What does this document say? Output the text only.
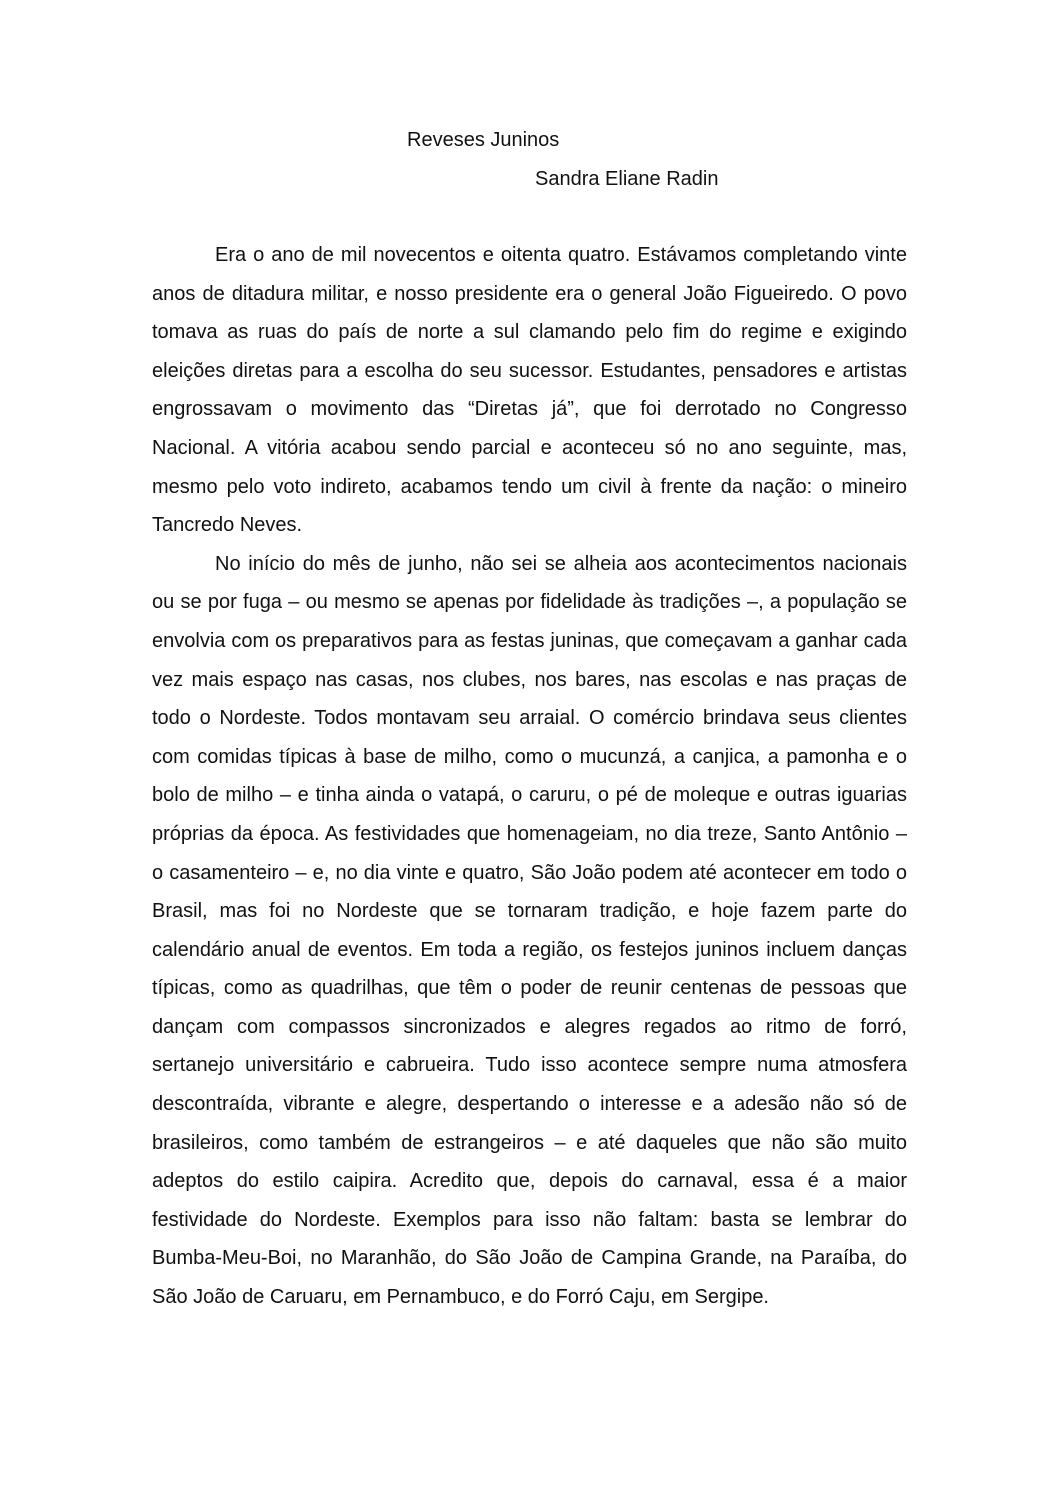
Reveses Juninos
Sandra Eliane Radin

Era o ano de mil novecentos e oitenta quatro. Estávamos completando vinte anos de ditadura militar, e nosso presidente era o general João Figueiredo. O povo tomava as ruas do país de norte a sul clamando pelo fim do regime e exigindo eleições diretas para a escolha do seu sucessor. Estudantes, pensadores e artistas engrossavam o movimento das “Diretas já”, que foi derrotado no Congresso Nacional. A vitória acabou sendo parcial e aconteceu só no ano seguinte, mas, mesmo pelo voto indireto, acabamos tendo um civil à frente da nação: o mineiro Tancredo Neves.

No início do mês de junho, não sei se alheia aos acontecimentos nacionais ou se por fuga – ou mesmo se apenas por fidelidade às tradições –, a população se envolvia com os preparativos para as festas juninas, que começavam a ganhar cada vez mais espaço nas casas, nos clubes, nos bares, nas escolas e nas praças de todo o Nordeste. Todos montavam seu arraial. O comércio brindava seus clientes com comidas típicas à base de milho, como o mucunzá, a canjica, a pamonha e o bolo de milho – e tinha ainda o vatapá, o caruru, o pé de moleque e outras iguarias próprias da época. As festividades que homenageiam, no dia treze, Santo Antônio – o casamenteiro – e, no dia vinte e quatro, São João podem até acontecer em todo o Brasil, mas foi no Nordeste que se tornaram tradição, e hoje fazem parte do calendário anual de eventos. Em toda a região, os festejos juninos incluem danças típicas, como as quadrilhas, que têm o poder de reunir centenas de pessoas que dançam com compassos sincronizados e alegres regados ao ritmo de forró, sertanejo universitário e cabrueira. Tudo isso acontece sempre numa atmosfera descontraída, vibrante e alegre, despertando o interesse e a adesão não só de brasileiros, como também de estrangeiros – e até daqueles que não são muito adeptos do estilo caipira. Acredito que, depois do carnaval, essa é a maior festividade do Nordeste. Exemplos para isso não faltam: basta se lembrar do Bumba-Meu-Boi, no Maranhão, do São João de Campina Grande, na Paraíba, do São João de Caruaru, em Pernambuco, e do Forró Caju, em Sergipe.
